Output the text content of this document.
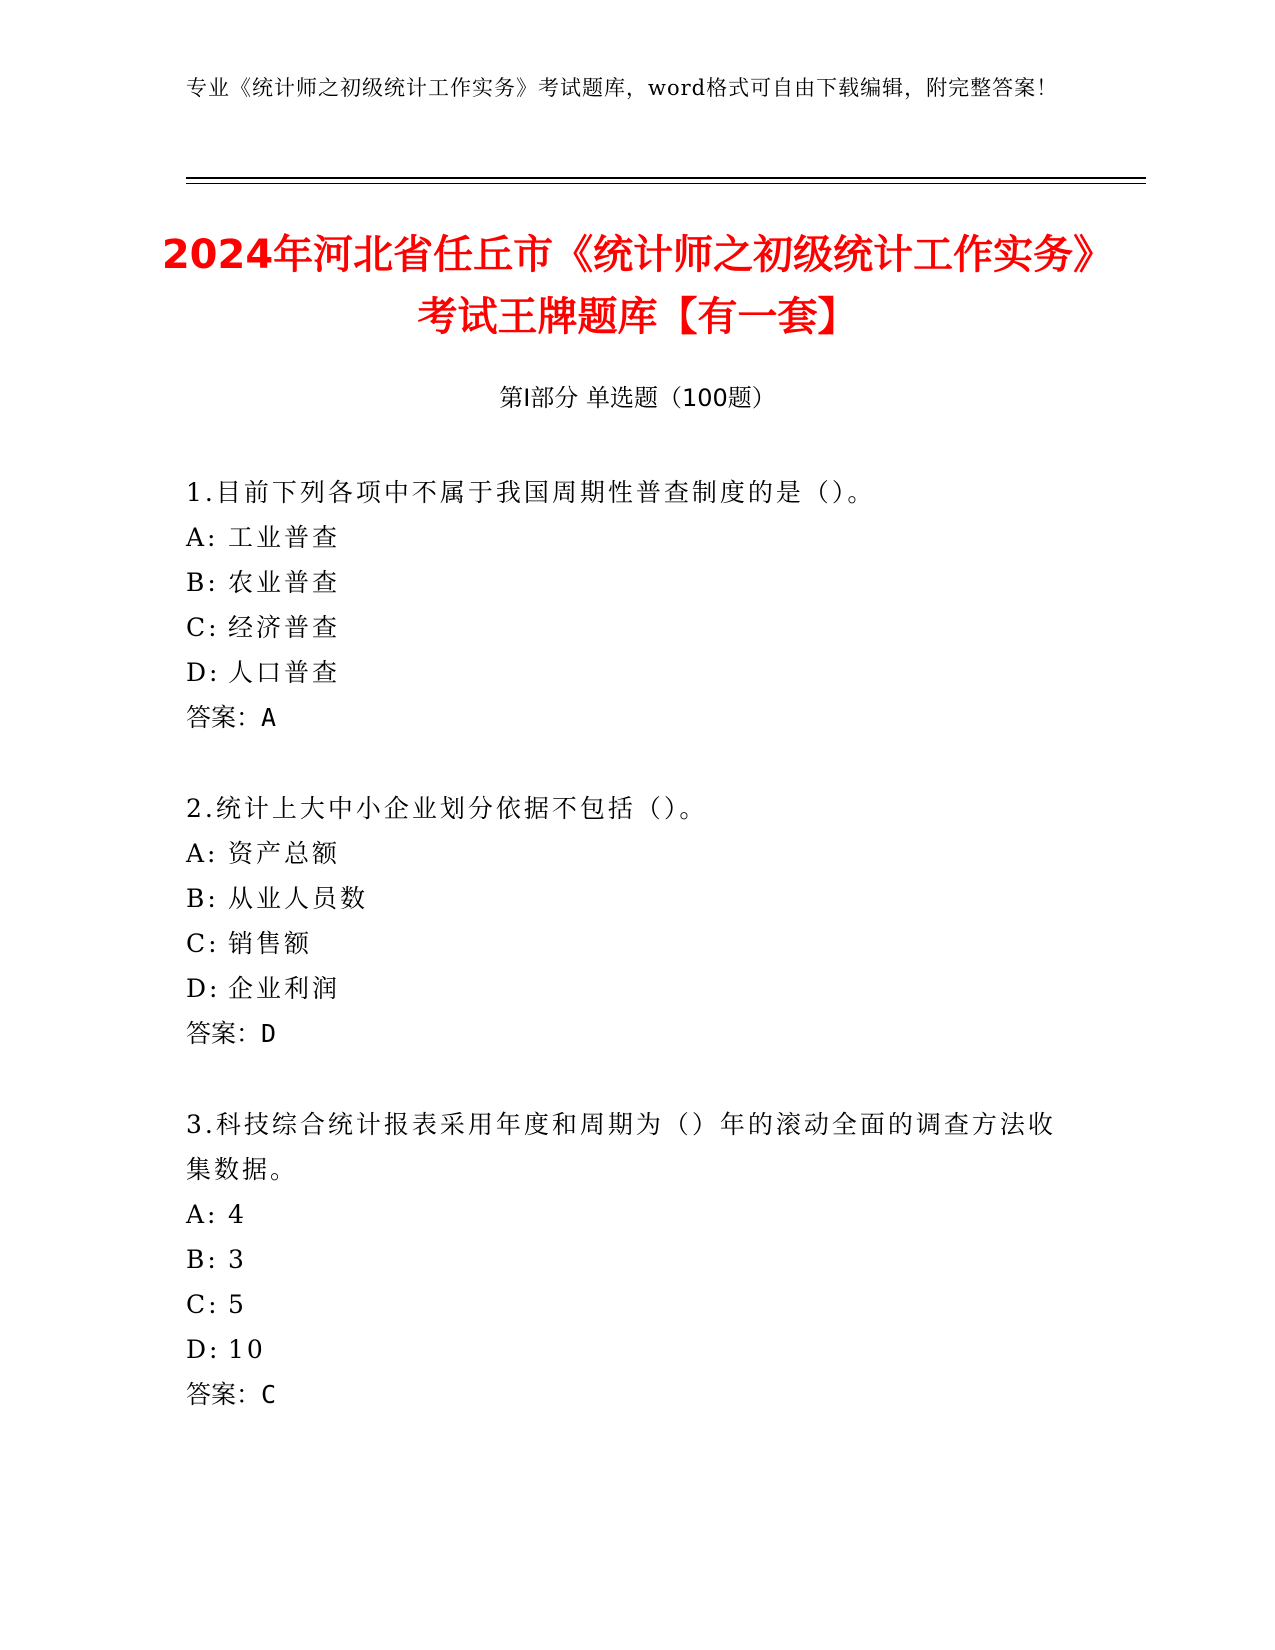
专业《统计师之初级统计工作实务》考试题库，word格式可自由下载编辑，附完整答案！
2024年河北省任丘市《统计师之初级统计工作实务》考试王牌题库【有一套】
第Ⅰ部分 单选题（100题）
1.目前下列各项中不属于我国周期性普查制度的是（）。
A: 工业普查
B: 农业普查
C: 经济普查
D: 人口普查
答案：A
2.统计上大中小企业划分依据不包括（）。
A: 资产总额
B: 从业人员数
C: 销售额
D: 企业利润
答案：D
3.科技综合统计报表采用年度和周期为（）年的滚动全面的调查方法收集数据。
A: 4
B: 3
C: 5
D: 10
答案：C
